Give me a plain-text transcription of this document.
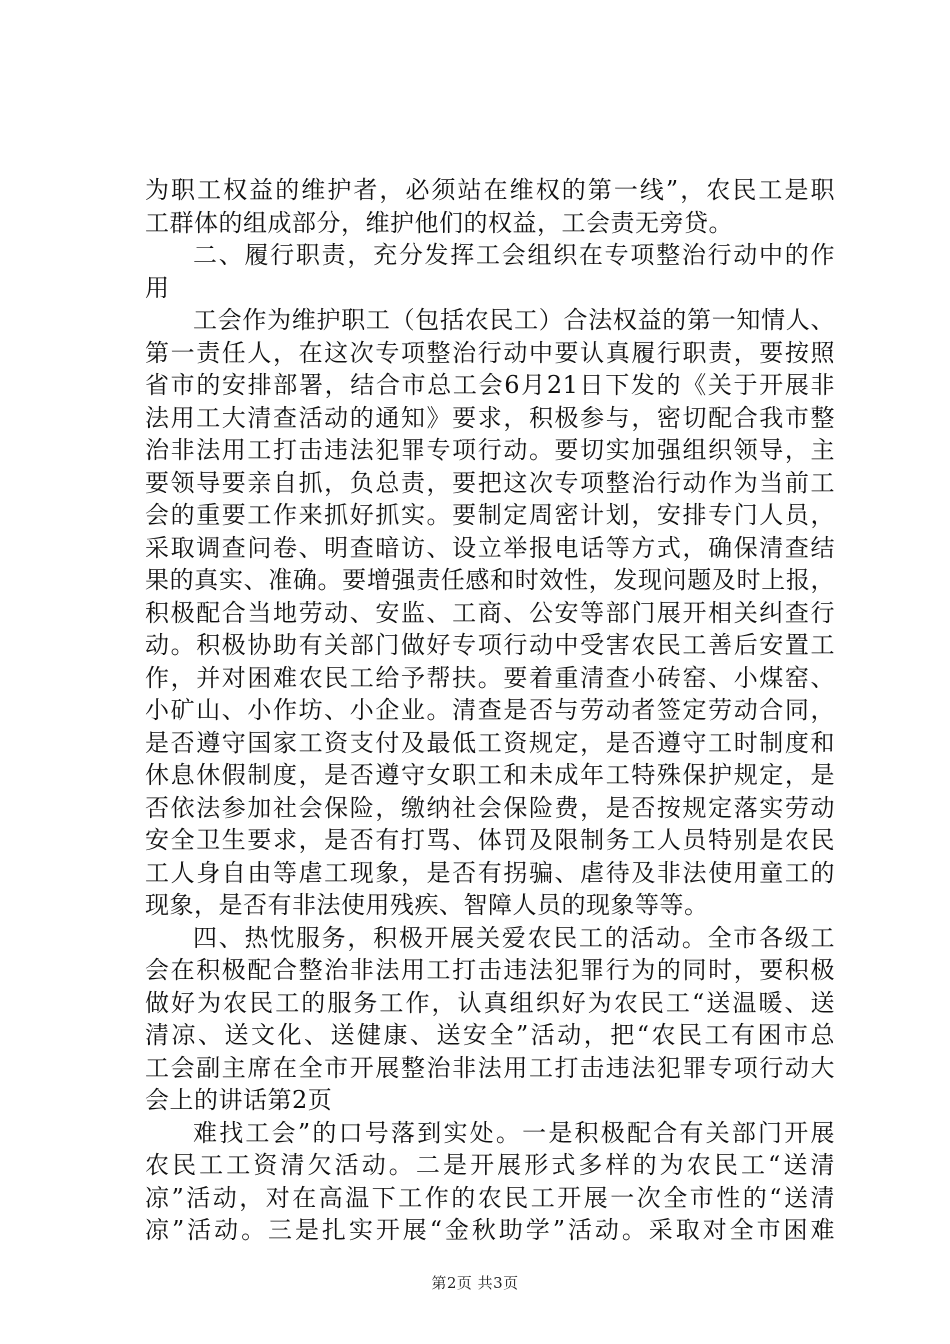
为职工权益的维护者，必须站在维权的第一线”，农民工是职
工群体的组成部分，维护他们的权益，工会责无旁贷。
二、履行职责，充分发挥工会组织在专项整治行动中的作
用
工会作为维护职工（包括农民工）合法权益的第一知情人、
第一责任人，在这次专项整治行动中要认真履行职责，要按照
省市的安排部署，结合市总工会6月21日下发的《关于开展非
法用工大清查活动的通知》要求，积极参与，密切配合我市整
治非法用工打击违法犯罪专项行动。要切实加强组织领导，主
要领导要亲自抓，负总责，要把这次专项整治行动作为当前工
会的重要工作来抓好抓实。要制定周密计划，安排专门人员，
采取调查问卷、明查暗访、设立举报电话等方式，确保清查结
果的真实、准确。要增强责任感和时效性，发现问题及时上报，
积极配合当地劳动、安监、工商、公安等部门展开相关纠查行
动。积极协助有关部门做好专项行动中受害农民工善后安置工
作，并对困难农民工给予帮扶。要着重清查小砖窑、小煤窑、
小矿山、小作坊、小企业。清查是否与劳动者签定劳动合同，
是否遵守国家工资支付及最低工资规定，是否遵守工时制度和
休息休假制度，是否遵守女职工和未成年工特殊保护规定，是
否依法参加社会保险，缴纳社会保险费，是否按规定落实劳动
安全卫生要求，是否有打骂、体罚及限制务工人员特别是农民
工人身自由等虐工现象，是否有拐骗、虐待及非法使用童工的
现象，是否有非法使用残疾、智障人员的现象等等。
四、热忱服务，积极开展关爱农民工的活动。全市各级工
会在积极配合整治非法用工打击违法犯罪行为的同时，要积极
做好为农民工的服务工作，认真组织好为农民工“送温暖、送
清凉、送文化、送健康、送安全”活动，把“农民工有困市总
工会副主席在全市开展整治非法用工打击违法犯罪专项行动大
会上的讲话第2页
难找工会”的口号落到实处。一是积极配合有关部门开展
农民工工资清欠活动。二是开展形式多样的为农民工“送清
凉”活动，对在高温下工作的农民工开展一次全市性的“送清
凉”活动。三是扎实开展“金秋助学”活动。采取对全市困难
第2页 共3页
